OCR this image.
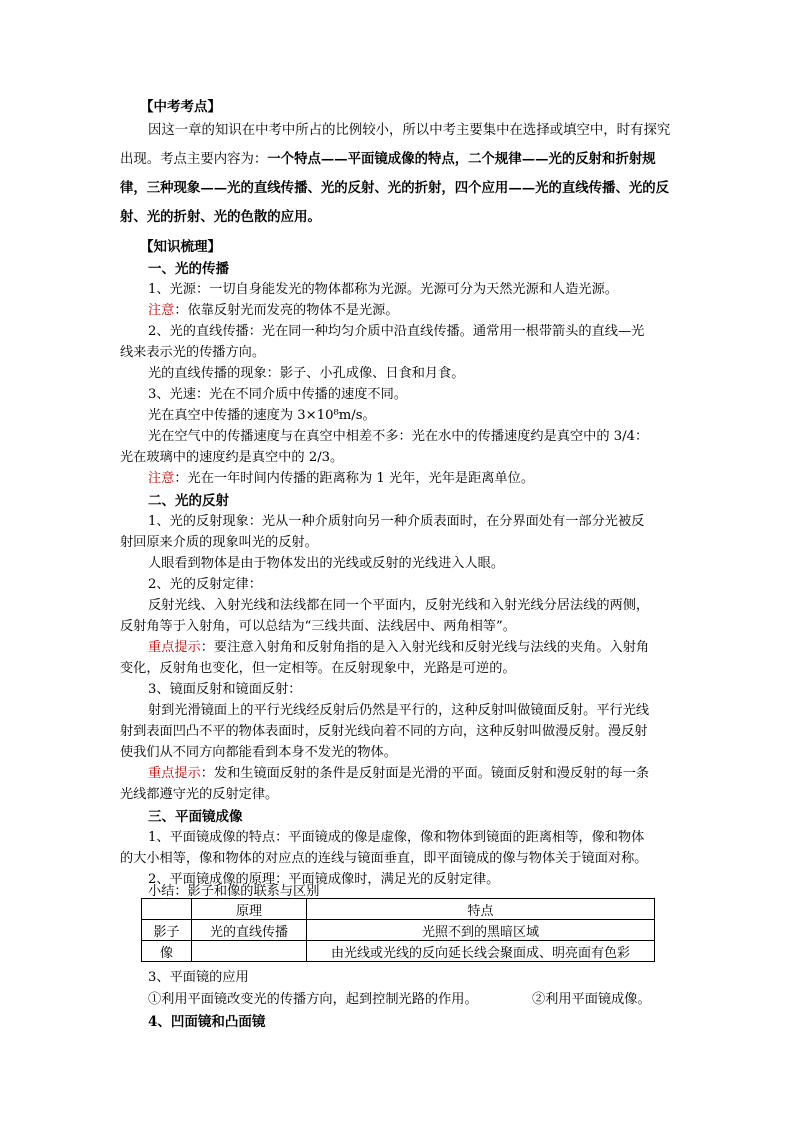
【中考考点】
因这一章的知识在中考中所占的比例较小，所以中考主要集中在选择或填空中，时有探究出现。考点主要内容为：一个特点——平面镜成像的特点，二个规律——光的反射和折射规律，三种现象——光的直线传播、光的反射、光的折射，四个应用——光的直线传播、光的反射、光的折射、光的色散的应用。
【知识梳理】
一、光的传播
1、光源：一切自身能发光的物体都称为光源。光源可分为天然光源和人造光源。
注意：依靠反射光而发亮的物体不是光源。
2、光的直线传播：光在同一种均匀介质中沿直线传播。通常用一根带箭头的直线—光
线来表示光的传播方向。
光的直线传播的现象：影子、小孔成像、日食和月食。
3、光速：光在不同介质中传播的速度不同。
光在真空中传播的速度为 3×10⁸m/s。
光在空气中的传播速度与在真空中相差不多：光在水中的传播速度约是真空中的 3/4：
光在玻璃中的速度约是真空中的 2/3。
注意：光在一年时间内传播的距离称为 1 光年，光年是距离单位。
二、光的反射
1、光的反射现象：光从一种介质射向另一种介质表面时，在分界面处有一部分光被反
射回原来介质的现象叫光的反射。
人眼看到物体是由于物体发出的光线或反射的光线进入人眼。
2、光的反射定律：
反射光线、入射光线和法线都在同一个平面内，反射光线和入射光线分居法线的两侧，
反射角等于入射角，可以总结为“三线共面、法线居中、两角相等”。
重点提示：要注意入射角和反射角指的是入入射光线和反射光线与法线的夹角。入射角
变化，反射角也变化，但一定相等。在反射现象中，光路是可逆的。
3、镜面反射和镜面反射：
射到光滑镜面上的平行光线经反射后仍然是平行的，这种反射叫做镜面反射。平行光线
射到表面凹凸不平的物体表面时，反射光线向着不同的方向，这种反射叫做漫反射。漫反射
使我们从不同方向都能看到本身不发光的物体。
重点提示：发和生镜面反射的条件是反射面是光滑的平面。镜面反射和漫反射的每一条
光线都遵守光的反射定律。
三、平面镜成像
1、平面镜成像的特点：平面镜成的像是虚像，像和物体到镜面的距离相等，像和物体
的大小相等，像和物体的对应点的连线与镜面垂直，即平面镜成的像与物体关于镜面对称。
2、平面镜成像的原理：平面镜成像时，满足光的反射定律。
小结：影子和像的联系与区别
	原理	特点
影子	光的直线传播	光照不到的黑暗区域
像		由光线或光线的反向延长线会聚面成、明亮面有色彩
3、平面镜的应用
①利用平面镜改变光的传播方向，起到控制光路的作用。	②利用平面镜成像。
4、凹面镜和凸面镜
